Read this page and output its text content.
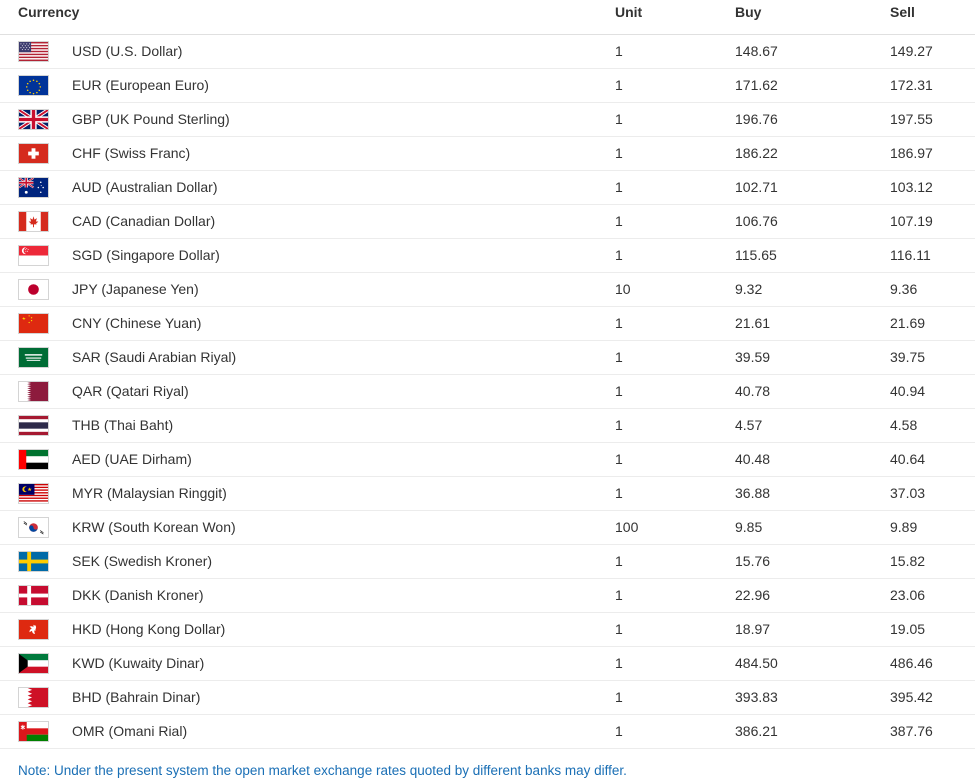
Currency		Unit	Buy	Sell

	USD (U.S. Dollar)	1	148.67	149.27

	EUR (European Euro)	1	171.62	172.31

	GBP (UK Pound Sterling)	1	196.76	197.55

	CHF (Swiss Franc)	1	186.22	186.97

	AUD (Australian Dollar)	1	102.71	103.12

	CAD (Canadian Dollar)	1	106.76	107.19

	SGD (Singapore Dollar)	1	115.65	116.11

	JPY (Japanese Yen)	10	9.32	9.36

	CNY (Chinese Yuan)	1	21.61	21.69

	SAR (Saudi Arabian Riyal)	1	39.59	39.75

	QAR (Qatari Riyal)	1	40.78	40.94

	THB (Thai Baht)	1	4.57	4.58

	AED (UAE Dirham)	1	40.48	40.64

	MYR (Malaysian Ringgit)	1	36.88	37.03

	KRW (South Korean Won)	100	9.85	9.89

	SEK (Swedish Kroner)	1	15.76	15.82

	DKK (Danish Kroner)	1	22.96	23.06

	HKD (Hong Kong Dollar)	1	18.97	19.05

	KWD (Kuwaity Dinar)	1	484.50	486.46

	BHD (Bahrain Dinar)	1	393.83	395.42

	OMR (Omani Rial)	1	386.21	387.76
Note: Under the present system the open market exchange rates quoted by different banks may differ.
